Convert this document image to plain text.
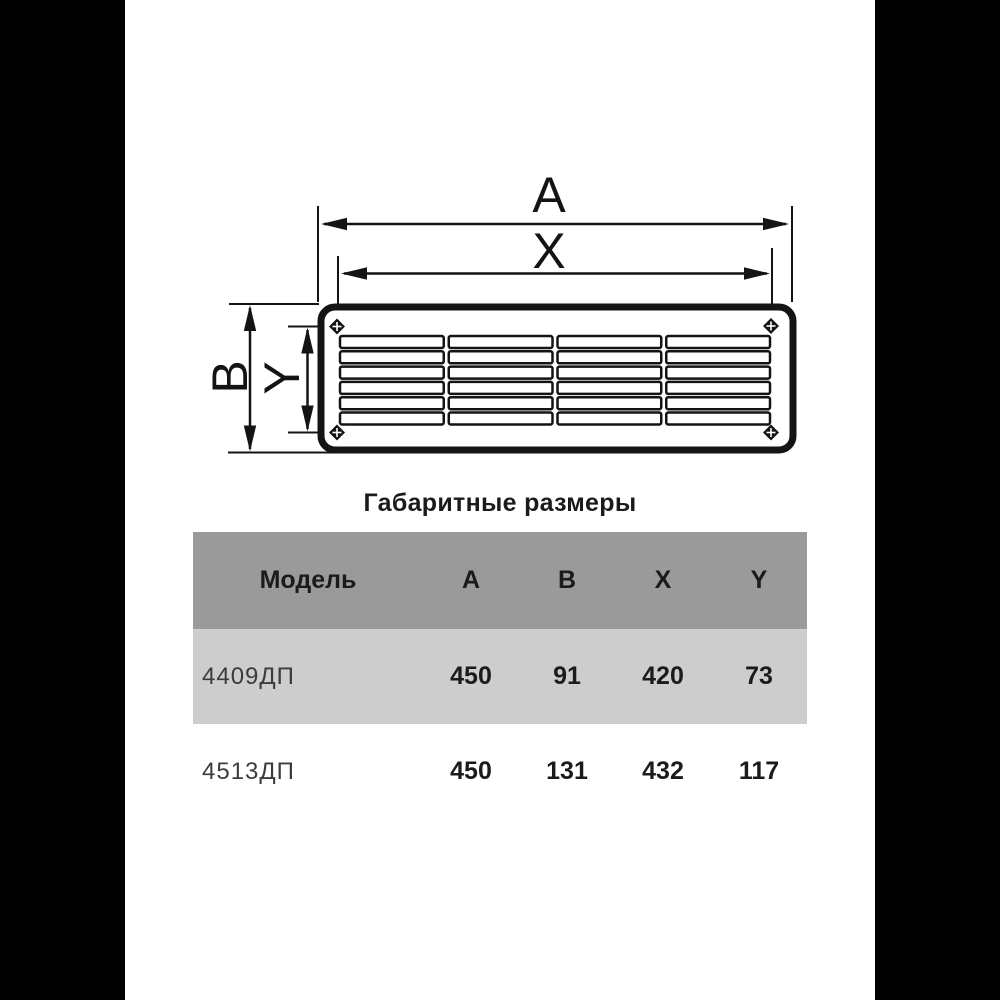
A
X
B
Y
Габаритные размеры
Модель	A	B	X	Y
4409ДП	450	91	420	73
4513ДП	450	131	432	117
